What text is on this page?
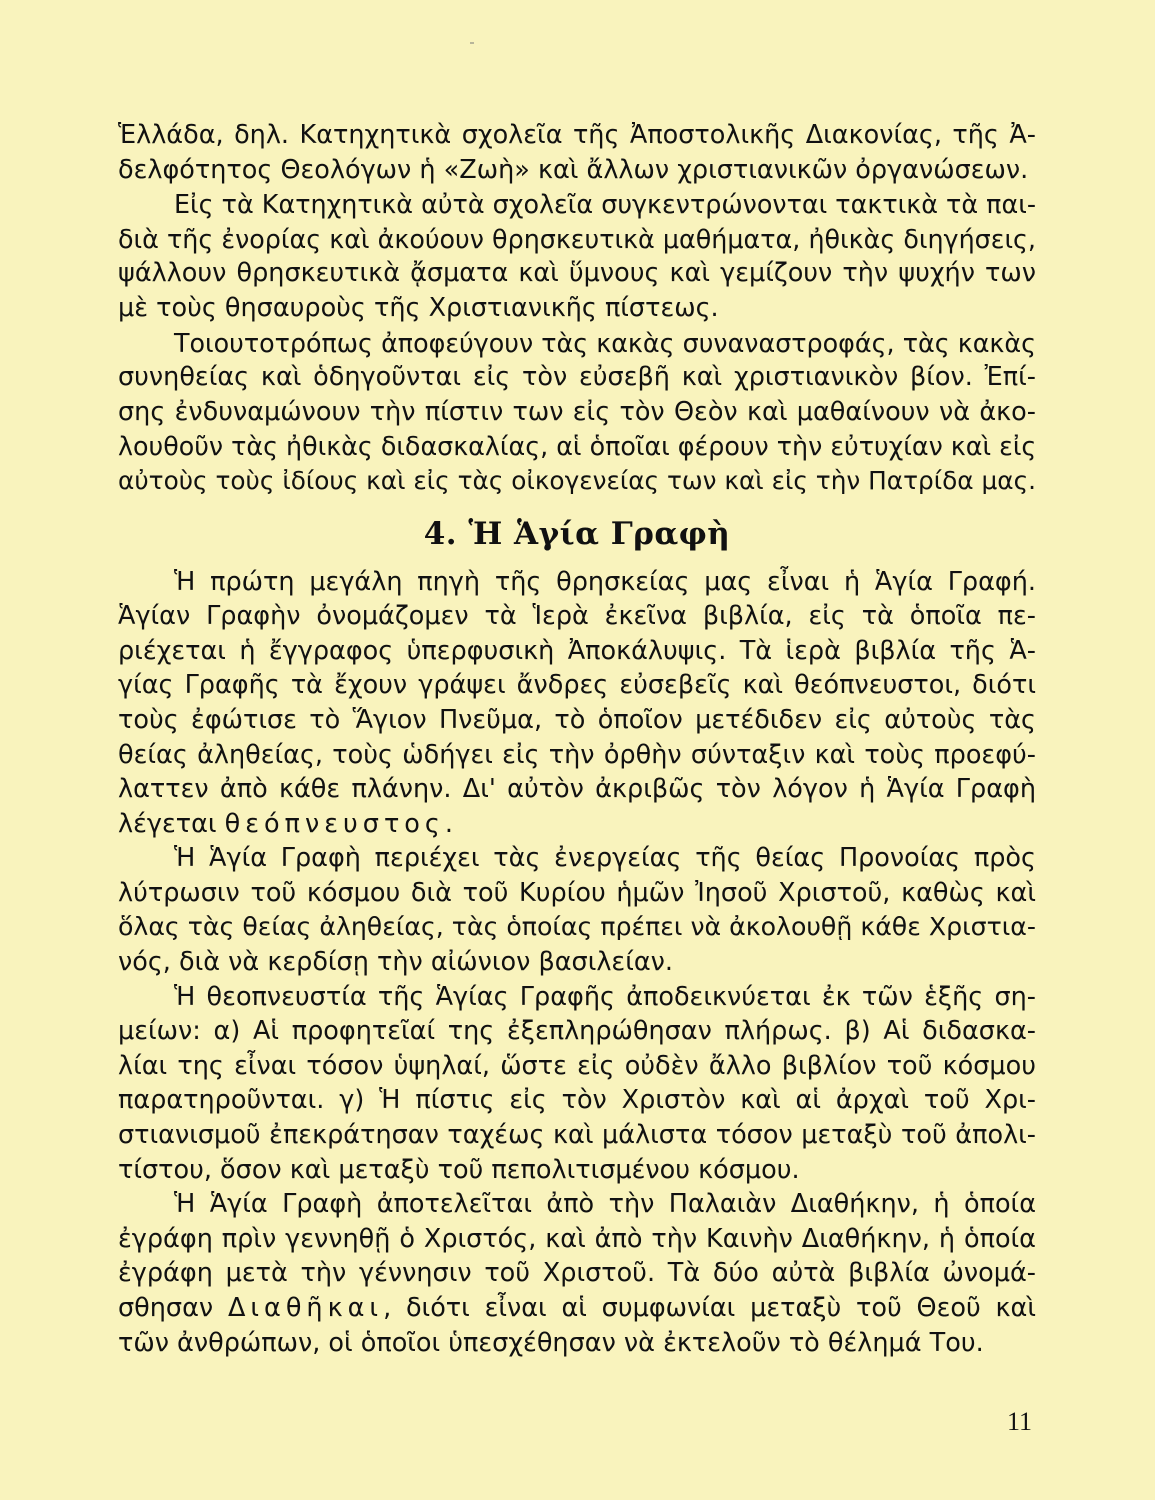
Ἑλλάδα, δηλ. Κατηχητικὰ σχολεῖα τῆς Ἀποστολικῆς Διακονίας, τῆς Ἀ-
δελφότητος Θεολόγων ἡ «Ζωὴ» καὶ ἄλλων χριστιανικῶν ὀργανώσεων.

Εἰς τὰ Κατηχητικὰ αὐτὰ σχολεῖα συγκεντρώνονται τακτικὰ τὰ παι-
διὰ τῆς ἐνορίας καὶ ἀκούουν θρησκευτικὰ μαθήματα, ἠθικὰς διηγήσεις,
ψάλλουν θρησκευτικὰ ᾄσματα καὶ ὕμνους καὶ γεμίζουν τὴν ψυχήν των
μὲ τοὺς θησαυροὺς τῆς Χριστιανικῆς πίστεως.

Τοιουτοτρόπως ἀποφεύγουν τὰς κακὰς συναναστροφάς, τὰς κακὰς
συνηθείας καὶ ὁδηγοῦνται εἰς τὸν εὐσεβῆ καὶ χριστιανικὸν βίον. Ἐπί-
σης ἐνδυναμώνουν τὴν πίστιν των εἰς τὸν Θεὸν καὶ μαθαίνουν νὰ ἀκο-
λουθοῦν τὰς ἠθικὰς διδασκαλίας, αἱ ὁποῖαι φέρουν τὴν εὐτυχίαν καὶ εἰς
αὐτοὺς τοὺς ἰδίους καὶ εἰς τὰς οἰκογενείας των καὶ εἰς τὴν Πατρίδα μας.

4. Ἡ Ἁγία Γραφὴ

Ἡ πρώτη μεγάλη πηγὴ τῆς θρησκείας μας εἶναι ἡ Ἁγία Γραφή.
Ἁγίαν Γραφὴν ὀνομάζομεν τὰ Ἱερὰ ἐκεῖνα βιβλία, εἰς τὰ ὁποῖα πε-
ριέχεται ἡ ἔγγραφος ὑπερφυσικὴ Ἀποκάλυψις. Τὰ ἱερὰ βιβλία τῆς Ἁ-
γίας Γραφῆς τὰ ἔχουν γράψει ἄνδρες εὐσεβεῖς καὶ θεόπνευστοι, διότι
τοὺς ἐφώτισε τὸ Ἅγιον Πνεῦμα, τὸ ὁποῖον μετέδιδεν εἰς αὐτοὺς τὰς
θείας ἀληθείας, τοὺς ὡδήγει εἰς τὴν ὀρθὴν σύνταξιν καὶ τοὺς προεφύ-
λαττεν ἀπὸ κάθε πλάνην. Δι' αὐτὸν ἀκριβῶς τὸν λόγον ἡ Ἁγία Γραφὴ
λέγεται θεόπνευστος.

Ἡ Ἁγία Γραφὴ περιέχει τὰς ἐνεργείας τῆς θείας Προνοίας πρὸς
λύτρωσιν τοῦ κόσμου διὰ τοῦ Κυρίου ἡμῶν Ἰησοῦ Χριστοῦ, καθὼς καὶ
ὅλας τὰς θείας ἀληθείας, τὰς ὁποίας πρέπει νὰ ἀκολουθῇ κάθε Χριστια-
νός, διὰ νὰ κερδίσῃ τὴν αἰώνιον βασιλείαν.

Ἡ θεοπνευστία τῆς Ἁγίας Γραφῆς ἀποδεικνύεται ἐκ τῶν ἑξῆς ση-
μείων: α) Αἱ προφητεῖαί της ἐξεπληρώθησαν πλήρως. β) Αἱ διδασκα-
λίαι της εἶναι τόσον ὑψηλαί, ὥστε εἰς οὐδὲν ἄλλο βιβλίον τοῦ κόσμου
παρατηροῦνται. γ) Ἡ πίστις εἰς τὸν Χριστὸν καὶ αἱ ἀρχαὶ τοῦ Χρι-
στιανισμοῦ ἐπεκράτησαν ταχέως καὶ μάλιστα τόσον μεταξὺ τοῦ ἀπολι-
τίστου, ὅσον καὶ μεταξὺ τοῦ πεπολιτισμένου κόσμου.

Ἡ Ἁγία Γραφὴ ἀποτελεῖται ἀπὸ τὴν Παλαιὰν Διαθήκην, ἡ ὁποία
ἐγράφη πρὶν γεννηθῇ ὁ Χριστός, καὶ ἀπὸ τὴν Καινὴν Διαθήκην, ἡ ὁποία
ἐγράφη μετὰ τὴν γέννησιν τοῦ Χριστοῦ. Τὰ δύο αὐτὰ βιβλία ὠνομά-
σθησαν Διαθῆκαι, διότι εἶναι αἱ συμφωνίαι μεταξὺ τοῦ Θεοῦ καὶ
τῶν ἀνθρώπων, οἱ ὁποῖοι ὑπεσχέθησαν νὰ ἐκτελοῦν τὸ θέλημά Του.

11
